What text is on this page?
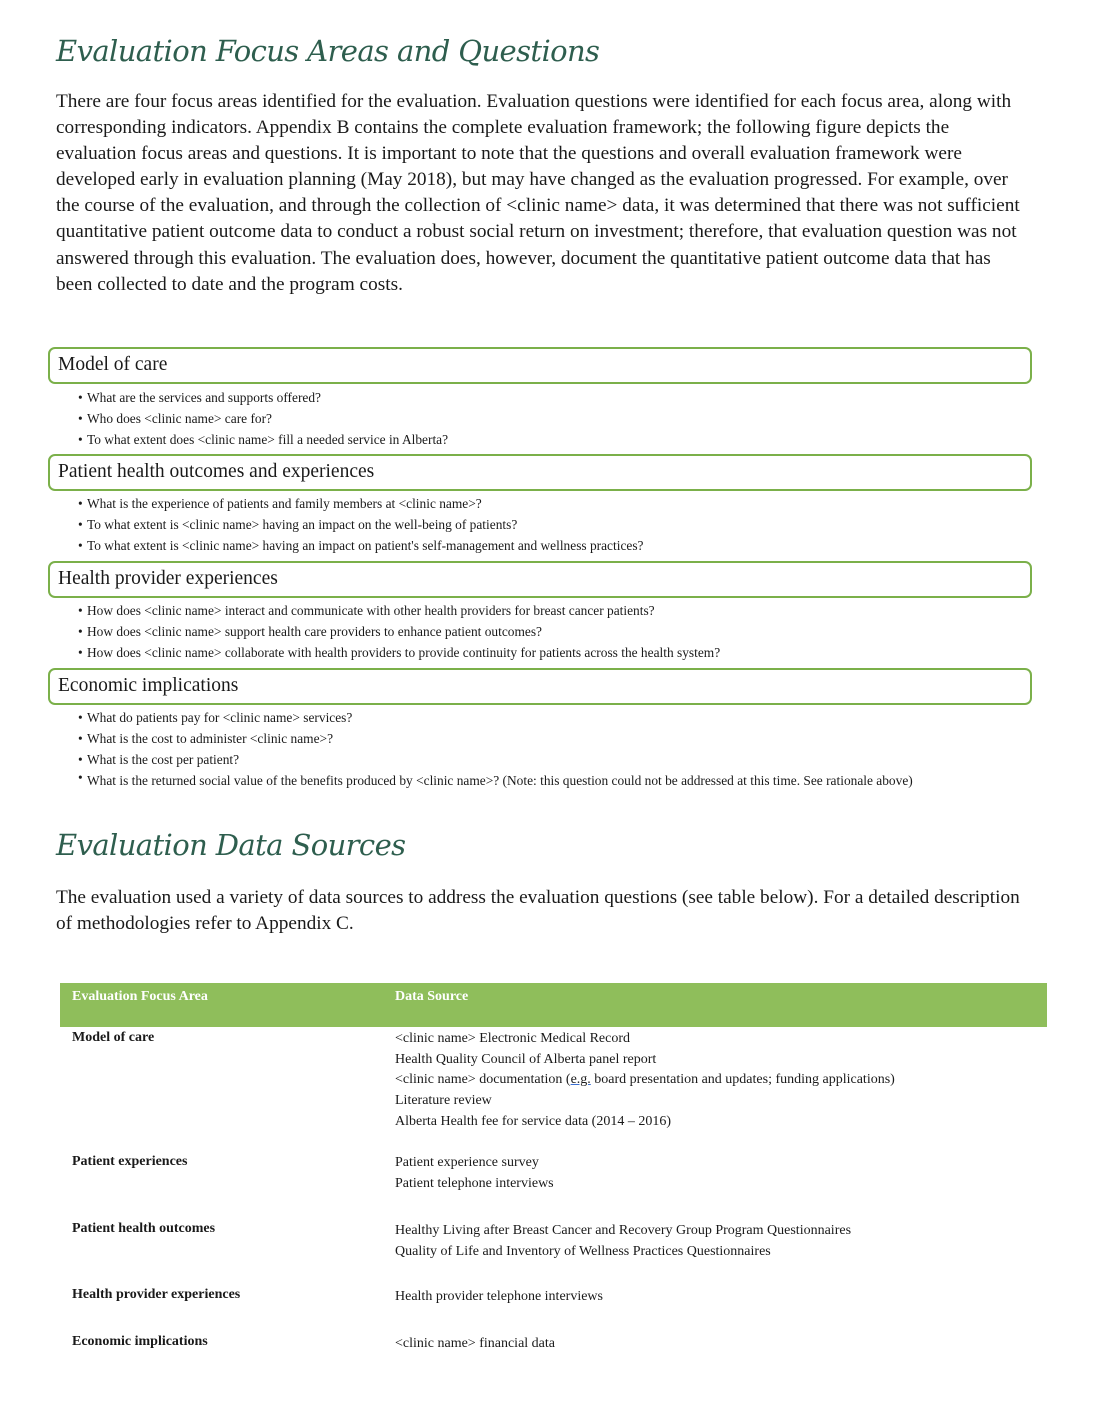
Evaluation Focus Areas and Questions

There are four focus areas identified for the evaluation. Evaluation questions were identified for each focus area, along with corresponding indicators. Appendix B contains the complete evaluation framework; the following figure depicts the evaluation focus areas and questions. It is important to note that the questions and overall evaluation framework were developed early in evaluation planning (May 2018), but may have changed as the evaluation progressed. For example, over the course of the evaluation, and through the collection of <clinic name> data, it was determined that there was not sufficient quantitative patient outcome data to conduct a robust social return on investment; therefore, that evaluation question was not answered through this evaluation. The evaluation does, however, document the quantitative patient outcome data that has been collected to date and the program costs.

Model of care
• What are the services and supports offered?
• Who does <clinic name> care for?
• To what extent does <clinic name> fill a needed service in Alberta?
Patient health outcomes and experiences
• What is the experience of patients and family members at <clinic name>?
• To what extent is <clinic name> having an impact on the well-being of patients?
• To what extent is <clinic name> having an impact on patient's self-management and wellness practices?
Health provider experiences
• How does <clinic name> interact and communicate with other health providers for breast cancer patients?
• How does <clinic name> support health care providers to enhance patient outcomes?
• How does <clinic name> collaborate with health providers to provide continuity for patients across the health system?
Economic implications
• What do patients pay for <clinic name> services?
• What is the cost to administer <clinic name>?
• What is the cost per patient?
• What is the returned social value of the benefits produced by <clinic name>? (Note: this question could not be addressed at this time. See rationale above)
Evaluation Data Sources

The evaluation used a variety of data sources to address the evaluation questions (see table below). For a detailed description of methodologies refer to Appendix C.

Evaluation Focus Area	Data Source
Model of care	<clinic name> Electronic Medical Record
Health Quality Council of Alberta panel report
<clinic name> documentation (e.g. board presentation and updates; funding applications)
Literature review
Alberta Health fee for service data (2014 – 2016)
Patient experiences	Patient experience survey
Patient telephone interviews
Patient health outcomes	Healthy Living after Breast Cancer and Recovery Group Program Questionnaires
Quality of Life and Inventory of Wellness Practices Questionnaires
Health provider experiences	Health provider telephone interviews
Economic implications	<clinic name> financial data
